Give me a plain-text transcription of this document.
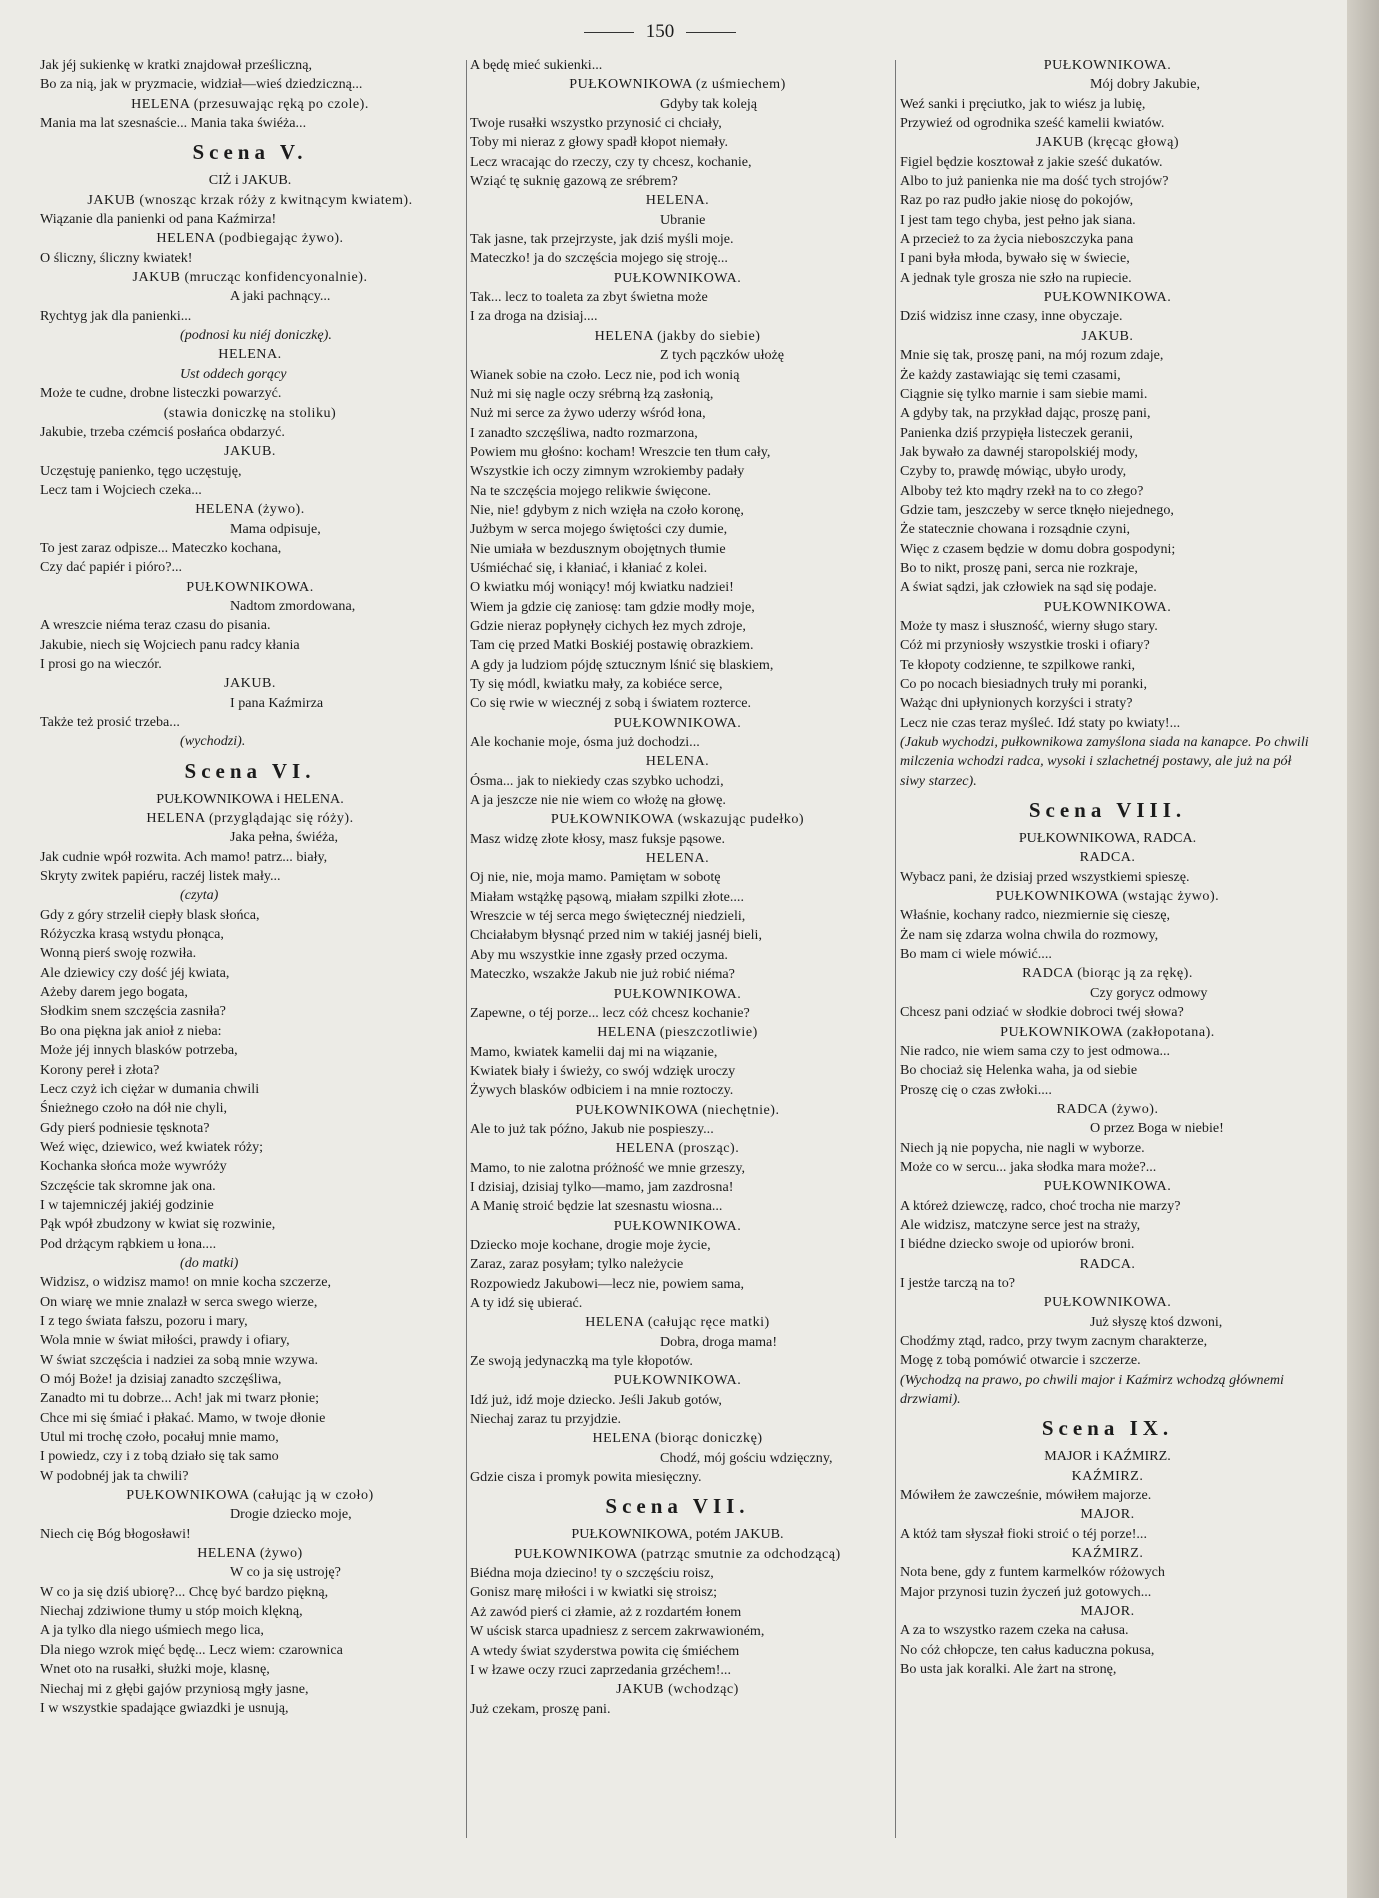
150
Jak jéj sukienkę w kratki znajdował prześliczną,
Bo za nią, jak w pryzmacie, widział—wieś dziedziczną...
HELENA (przesuwając ręką po czole).
Mania ma lat szesnaście... Mania taka świéża...
Scena V.
CIŻ i JAKUB.
JAKUB (wnosząc krzak róży z kwitnącym kwiatem).
Wiązanie dla panienki od pana Kaźmirza!
HELENA (podbiegając żywo).
O śliczny, śliczny kwiatek!
JAKUB (mrucząc konfidencyonalnie).
A jaki pachnący...
Rychtyg jak dla panienki...
(podnosi ku niéj doniczkę).
HELENA.
Ust oddech gorący
Może te cudne, drobne listeczki powarzyć.
(stawia doniczkę na stoliku)
Jakubie, trzeba czémciś posłańca obdarzyć.
JAKUB.
Uczęstuję panienko, tęgo uczęstuję,
Lecz tam i Wojciech czeka...
HELENA (żywo).
Mama odpisuje,
To jest zaraz odpisze... Mateczko kochana,
Czy dać papiér i pióro?...
PUŁKOWNIKOWA.
Nadtom zmordowana,
A wreszcie niéma teraz czasu do pisania.
Jakubie, niech się Wojciech panu radcy kłania
I prosi go na wieczór.
JAKUB.
I pana Kaźmirza
Także też prosić trzeba...
(wychodzi).
Scena VI.
PUŁKOWNIKOWA i HELENA.
HELENA (przyglądając się róży).
Jaka pełna, świéża,
Jak cudnie wpół rozwita. Ach mamo! patrz... biały,
Skryty zwitek papiéru, raczéj listek mały...
(czyta)
Gdy z góry strzelił ciepły blask słońca,
Różyczka krasą wstydu płonąca,
Wonną pierś swoję rozwiła.
Ale dziewicy czy dość jéj kwiata,
Ażeby darem jego bogata,
Słodkim snem szczęścia zasniła?
Bo ona piękna jak anioł z nieba:
Może jéj innych blasków potrzeba,
Korony pereł i złota?
Lecz czyż ich ciężar w dumania chwili
Śnieżnego czoło na dół nie chyli,
Gdy pierś podniesie tęsknota?
Weź więc, dziewico, weź kwiatek róży;
Kochanka słońca może wywróży
Szczęście tak skromne jak ona.
I w tajemniczéj jakiéj godzinie
Pąk wpół zbudzony w kwiat się rozwinie,
Pod drżącym rąbkiem u łona....
(do matki)
Widzisz, o widzisz mamo! on mnie kocha szczerze,
On wiarę we mnie znalazł w serca swego wierze,
I z tego świata fałszu, pozoru i mary,
Wola mnie w świat miłości, prawdy i ofiary,
W świat szczęścia i nadziei za sobą mnie wzywa.
O mój Boże! ja dzisiaj zanadto szczęśliwa,
Zanadto mi tu dobrze... Ach! jak mi twarz płonie;
Chce mi się śmiać i płakać. Mamo, w twoje dłonie
Utul mi trochę czoło, pocałuj mnie mamo,
I powiedz, czy i z tobą działo się tak samo
W podobnéj jak ta chwili?
PUŁKOWNIKOWA (całując ją w czoło)
Drogie dziecko moje,
Niech cię Bóg błogosławi!
HELENA (żywo)
W co ja się ustroję?
W co ja się dziś ubiorę?... Chcę być bardzo piękną,
Niechaj zdziwione tłumy u stóp moich klękną,
A ja tylko dla niego uśmiech mego lica,
Dla niego wzrok mięć będę... Lecz wiem: czarownica
Wnet oto na rusałki, służki moje, klasnę,
Niechaj mi z głębi gajów przyniosą mgły jasne,
I w wszystkie spadające gwiazdki je usnują,
A będę mieć sukienki...
PUŁKOWNIKOWA (z uśmiechem)
Gdyby tak koleją
Twoje rusałki wszystko przynosić ci chciały,
Toby mi nieraz z głowy spadł kłopot niemały.
Lecz wracając do rzeczy, czy ty chcesz, kochanie,
Wziąć tę suknię gazową ze srébrem?
HELENA.
Ubranie
Tak jasne, tak przejrzyste, jak dziś myśli moje.
Mateczko! ja do szczęścia mojego się stroję...
PUŁKOWNIKOWA.
Tak... lecz to toaleta za zbyt świetna może
I za droga na dzisiaj....
HELENA (jakby do siebie)
Z tych pączków ułożę
Wianek sobie na czoło. Lecz nie, pod ich wonią
Nuż mi się nagle oczy srébrną łzą zasłonią,
Nuż mi serce za żywo uderzy wśród łona,
I zanadto szczęśliwa, nadto rozmarzona,
Powiem mu głośno: kocham! Wreszcie ten tłum cały,
Wszystkie ich oczy zimnym wzrokiemby padały
Na te szczęścia mojego relikwie święcone.
Nie, nie! gdybym z nich wzięła na czoło koronę,
Jużbym w serca mojego świętości czy dumie,
Nie umiała w bezdusznym obojętnych tłumie
Uśmiéchać się, i kłaniać, i kłaniać z kolei.
O kwiatku mój woniący! mój kwiatku nadziei!
Wiem ja gdzie cię zaniosę: tam gdzie modły moje,
Gdzie nieraz popłynęły cichych łez mych zdroje,
Tam cię przed Matki Boskiéj postawię obrazkiem.
A gdy ja ludziom pójdę sztucznym lśnić się blaskiem,
Ty się módl, kwiatku mały, za kobiéce serce,
Co się rwie w wiecznéj z sobą i światem rozterce.
PUŁKOWNIKOWA.
Ale kochanie moje, ósma już dochodzi...
HELENA.
Ósma... jak to niekiedy czas szybko uchodzi,
A ja jeszcze nie nie wiem co włożę na głowę.
PUŁKOWNIKOWA (wskazując pudełko)
Masz widzę złote kłosy, masz fuksje pąsowe.
HELENA.
Oj nie, nie, moja mamo. Pamiętam w sobotę
Miałam wstążkę pąsową, miałam szpilki złote....
Wreszcie w téj serca mego święteczn​éj niedzieli,
Chciałabym błysnąć przed nim w takiéj jasnéj bieli,
Aby mu wszystkie inne zgasły przed oczyma.
Mateczko, wszakże Jakub nie już robić niéma?
PUŁKOWNIKOWA.
Zapewne, o téj porze... lecz cóż chcesz kochanie?
HELENA (pieszczotliwie)
Mamo, kwiatek kamelii daj mi na wiązanie,
Kwiatek biały i świeży, co swój wdzięk uroczy
Żywych blasków odbiciem i na mnie roztoczy.
PUŁKOWNIKOWA (niechętnie).
Ale to już tak późno, Jakub nie pospieszy...
HELENA (prosząc).
Mamo, to nie zalotna próżność we mnie grzeszy,
I dzisiaj, dzisiaj tylko—mamo, jam zazdrosna!
A Manię stroić będzie lat szesnastu wiosna...
PUŁKOWNIKOWA.
Dziecko moje kochane, drogie moje życie,
Zaraz, zaraz posyłam; tylko należycie
Rozpowiedz Jakubowi—lecz nie, powiem sama,
A ty idź się ubierać.
HELENA (całując ręce matki)
Dobra, droga mama!
Ze swoją jedynaczką ma tyle kłopotów.
PUŁKOWNIKOWA.
Idź już, idź moje dziecko. Jeśli Jakub gotów,
Niechaj zaraz tu przyjdzie.
HELENA (biorąc doniczkę)
Chodź, mój gościu wdzięczny,
Gdzie cisza i promyk powita miesięczny.
Scena VII.
PUŁKOWNIKOWA, potém JAKUB.
PUŁKOWNIKOWA (patrząc smutnie za odchodzącą)
Biédna moja dziecino! ty o szczęściu roisz,
Gonisz marę miłości i w kwiatki się stroisz;
Aż zawód pierś ci złamie, aż z rozdartém łonem
W uścisk starca upadniesz z sercem zakrwawioném,
A wtedy świat szyderstwa powita cię śmiéchem
I w łzawe oczy rzuci zaprzedania grzéchem!...
JAKUB (wchodząc)
Już czekam, proszę pani.
PUŁKOWNIKOWA.
Mój dobry Jakubie,
Weź sanki i pręciutko, jak to wiész ja lubię,
Przywieź od ogrodnika sześć kamelii kwiatów.
JAKUB (kręcąc głową)
Figiel będzie kosztował z jakie sześć dukatów.
Albo to już panienka nie ma dość tych strojów?
Raz po raz pudło jakie niosę do pokojów,
I jest tam tego chyba, jest pełno jak siana.
A przecież to za życia nieboszczyka pana
I pani była młoda, bywało się w świecie,
A jednak tyle grosza nie szło na rupiecie.
PUŁKOWNIKOWA.
Dziś widzisz inne czasy, inne obyczaje.
JAKUB.
Mnie się tak, proszę pani, na mój rozum zdaje,
Że każdy zastawiając się temi czasami,
Ciągnie się tylko marnie i sam siebie mami.
A gdyby tak, na przykład dając, proszę pani,
Panienka dziś przypięła listeczek geranii,
Jak bywało za dawnéj staropolskiéj mody,
Czyby to, prawdę mówiąc, ubyło urody,
Alboby też kto mądry rzekł na to co złego?
Gdzie tam, jeszczeby w serce tknęło niejednego,
Że statecznie chowana i rozsądnie czyni,
Więc z czasem będzie w domu dobra gospodyni;
Bo to nikt, proszę pani, serca nie rozkraje,
A świat sądzi, jak człowiek na sąd się podaje.
PUŁKOWNIKOWA.
Może ty masz i słuszność, wierny sługo stary.
Cóż mi przyniosły wszystkie troski i ofiary?
Te kłopoty codzienne, te szpilkowe ranki,
Co po nocach biesiadnych truły mi poranki,
Ważąc dni upłynionych korzyści i straty?
Lecz nie czas teraz myśleć. Idź staty po kwiaty!...
(Jakub wychodzi, pułkownikowa zamyślona siada na kanapce. Po chwili milczenia wchodzi radca, wysoki i szlachetnéj postawy, ale już na pół siwy starzec).
Scena VIII.
PUŁKOWNIKOWA, RADCA.
RADCA.
Wybacz pani, że dzisiaj przed wszystkiemi spieszę.
PUŁKOWNIKOWA (wstając żywo).
Właśnie, kochany radco, niezmiernie się cieszę,
Że nam się zdarza wolna chwila do rozmowy,
Bo mam ci wiele mówić....
RADCA (biorąc ją za rękę).
Czy gorycz odmowy
Chcesz pani odziać w słodkie dobroci twéj słowa?
PUŁKOWNIKOWA (zakłopotana).
Nie radco, nie wiem sama czy to jest odmowa...
Bo chociaż się Helenka waha, ja od siebie
Proszę cię o czas zwłoki....
RADCA (żywo).
O przez Boga w niebie!
Niech ją nie popycha, nie nagli w wyborze.
Może co w sercu... jaka słodka mara może?...
PUŁKOWNIKOWA.
A któreż dziewczę, radco, choć trocha nie marzy?
Ale widzisz, matczyne serce jest na straży,
I biédne dziecko swoje od upiorów broni.
RADCA.
I jestże tarczą na to?
PUŁKOWNIKOWA.
Już słyszę ktoś dzwoni,
Chodźmy ztąd, radco, przy twym zacnym charakterze,
Mogę z tobą pomówić otwarcie i szczerze.
(Wychodzą na prawo, po chwili major i Kaźmirz wchodzą głównemi drzwiami).
Scena IX.
MAJOR i KAŹMIRZ.
KAŹMIRZ.
Mówiłem że zawcześnie, mówiłem majorze.
MAJOR.
A któż tam słyszał fioki stroić o téj porze!...
KAŹMIRZ.
Nota bene, gdy z funtem karmelków różowych
Major przynosi tuzin życzeń już gotowych...
MAJOR.
A za to wszystko razem czeka na całusa.
No cóż chłopcze, ten całus kaduczna pokusa,
Bo usta jak koralki. Ale żart na stronę,
